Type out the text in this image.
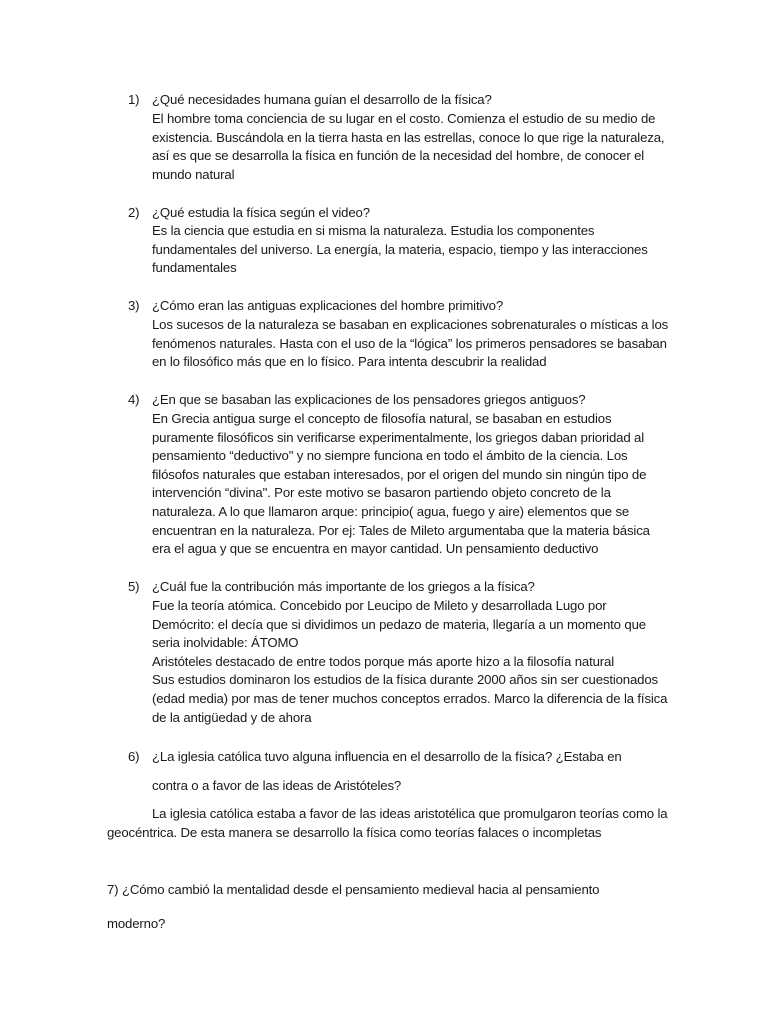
1) ¿Qué necesidades humana guían el desarrollo de la física?
El hombre toma conciencia de su lugar en el costo. Comienza el estudio de su medio de
existencia. Buscándola en la tierra hasta en las estrellas, conoce lo que rige la naturaleza,
así es que se desarrolla la física en función de la necesidad del hombre, de conocer el
mundo natural
2) ¿Qué estudia la física según el video?
Es la ciencia que estudia en si misma la naturaleza. Estudia los componentes
fundamentales del universo. La energía, la materia, espacio, tiempo y las interacciones
fundamentales
3) ¿Cómo eran las antiguas explicaciones del hombre primitivo?
Los sucesos de la naturaleza se basaban en explicaciones sobrenaturales o místicas a los
fenómenos naturales. Hasta con el uso de la “lógica” los primeros pensadores se basaban
en lo filosófico más que en lo físico. Para intenta descubrir la realidad
4) ¿En que se basaban las explicaciones de los pensadores griegos antiguos?
En Grecia antigua surge el concepto de filosofía natural, se basaban en estudios
puramente filosóficos sin verificarse experimentalmente, los griegos daban prioridad al
pensamiento “deductivo" y no siempre funciona en todo el ámbito de la ciencia. Los
filósofos naturales que estaban interesados, por el origen del mundo sin ningún tipo de
intervención “divina". Por este motivo se basaron partiendo objeto concreto de la
naturaleza. A lo que llamaron arque: principio( agua, fuego y aire) elementos que se
encuentran en la naturaleza. Por ej: Tales de Mileto argumentaba que la materia básica
era el agua y que se encuentra en mayor cantidad. Un pensamiento deductivo
5) ¿Cuál fue la contribución más importante de los griegos a la física?
Fue la teoría atómica. Concebido por Leucipo de Mileto y desarrollada Lugo por
Demócrito: el decía que si dividimos un pedazo de materia, llegaría a un momento que
seria inolvidable: ÁTOMO
Aristóteles destacado de entre todos porque más aporte hizo a la filosofía natural
Sus estudios dominaron los estudios de la física durante 2000 años sin ser cuestionados
(edad media) por mas de tener muchos conceptos errados. Marco la diferencia de la física
de la antigüedad y de ahora
6) ¿La iglesia católica tuvo alguna influencia en el desarrollo de la física? ¿Estaba en
contra o a favor de las ideas de Aristóteles?
La iglesia católica estaba a favor de las ideas aristotélica que promulgaron teorías como la
geocéntrica. De esta manera se desarrollo la física como teorías falaces o incompletas
7) ¿Cómo cambió la mentalidad desde el pensamiento medieval hacia al pensamiento
moderno?
